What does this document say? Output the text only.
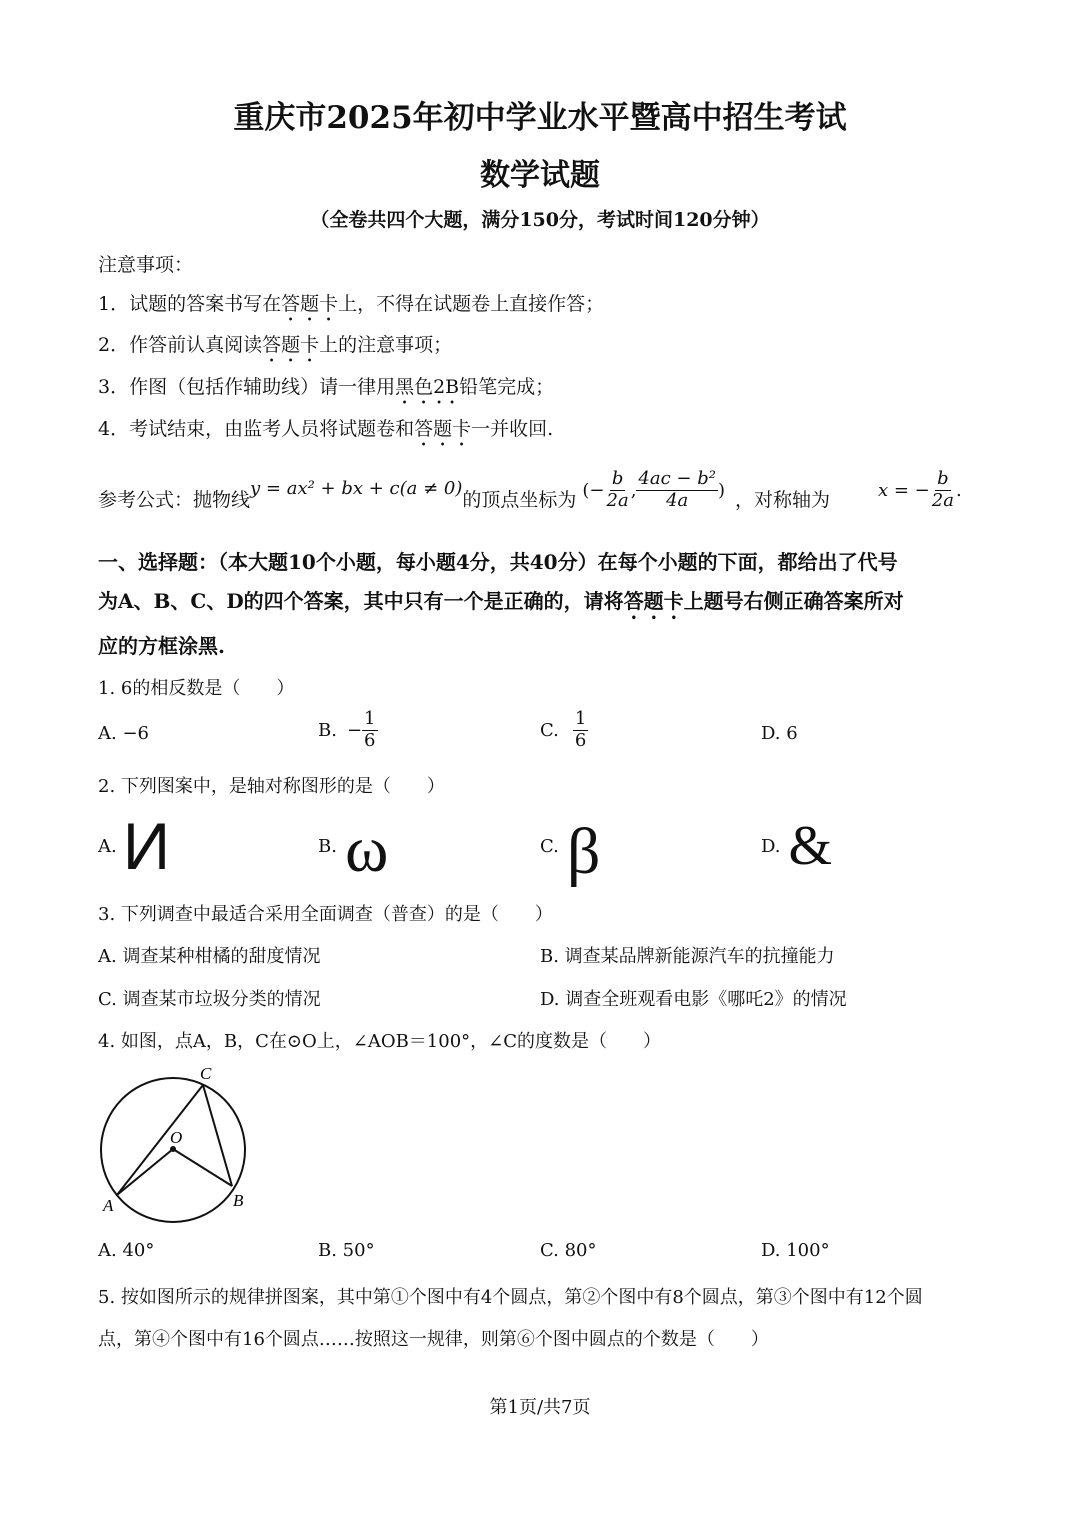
重庆市2025年初中学业水平暨高中招生考试
数学试题
（全卷共四个大题，满分150分，考试时间120分钟）
注意事项：
1．试题的答案书写在答题卡上，不得在试题卷上直接作答；
2．作答前认真阅读答题卡上的注意事项；
3．作图（包括作辅助线）请一律用黑色2B铅笔完成；
4．考试结束，由监考人员将试题卷和答题卡一并收回.
参考公式：抛物线
y = ax² + bx + c(a ≠ 0)
的顶点坐标为 (− $\frac{b}{2a}$ , $\frac{\text{4ac − b²}}{4a}$ ) ，对称轴为	x = − $\frac{b}{2a}$ .
一、选择题：（本大题10个小题，每小题4分，共40分）在每个小题的下面，都给出了代号
为A、B、C、D的四个答案，其中只有一个是正确的，请将答题卡上题号右侧正确答案所对
应的方框涂黑.
1. 6的相反数是（　　）
A. −6	B. − $\frac{1}{6}$	C. $\frac{1}{6}$	D. 6
2. 下列图案中，是轴对称图形的是（　　）
A. И	B. ω	C. β	D. &
3. 下列调查中最适合采用全面调查（普查）的是（　　）
A. 调查某种柑橘的甜度情况	B. 调查某品牌新能源汽车的抗撞能力
C. 调查某市垃圾分类的情况	D. 调查全班观看电影《哪吒2》的情况
4. 如图，点A，B，C在⊙O上，∠AOB＝100°，∠C的度数是（　　）
C
O
A	B
A. 40°	B. 50°	C. 80°	D. 100°
5. 按如图所示的规律拼图案，其中第①个图中有4个圆点，第②个图中有8个圆点，第③个图中有12个圆
点，第④个图中有16个圆点……按照这一规律，则第⑥个图中圆点的个数是（　　）
第1页/共7页
